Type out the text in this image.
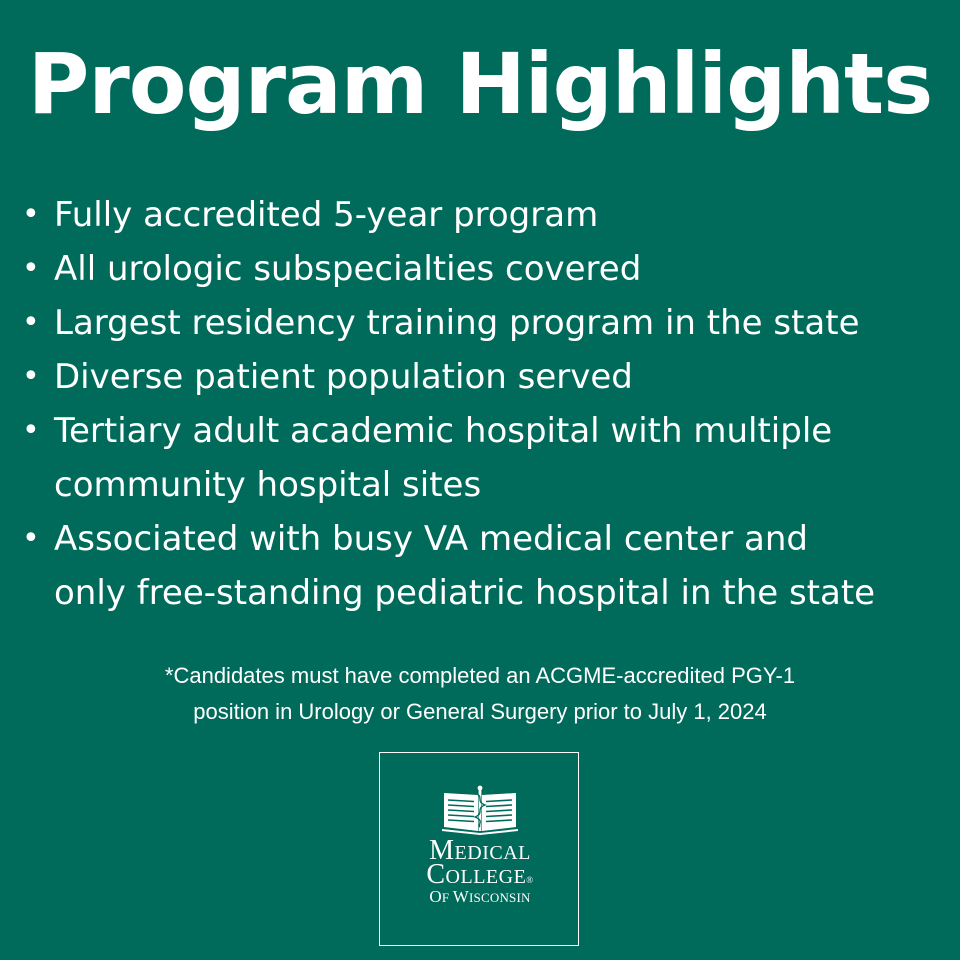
Program Highlights
• Fully accredited 5-year program
• All urologic subspecialties covered
• Largest residency training program in the state
• Diverse patient population served
• Tertiary adult academic hospital with multiple
community hospital sites
• Associated with busy VA medical center and
only free-standing pediatric hospital in the state
*Candidates must have completed an ACGME-accredited PGY-1
position in Urology or General Surgery prior to July 1, 2024
MEDICAL
COLLEGE®
OF WISCONSIN
